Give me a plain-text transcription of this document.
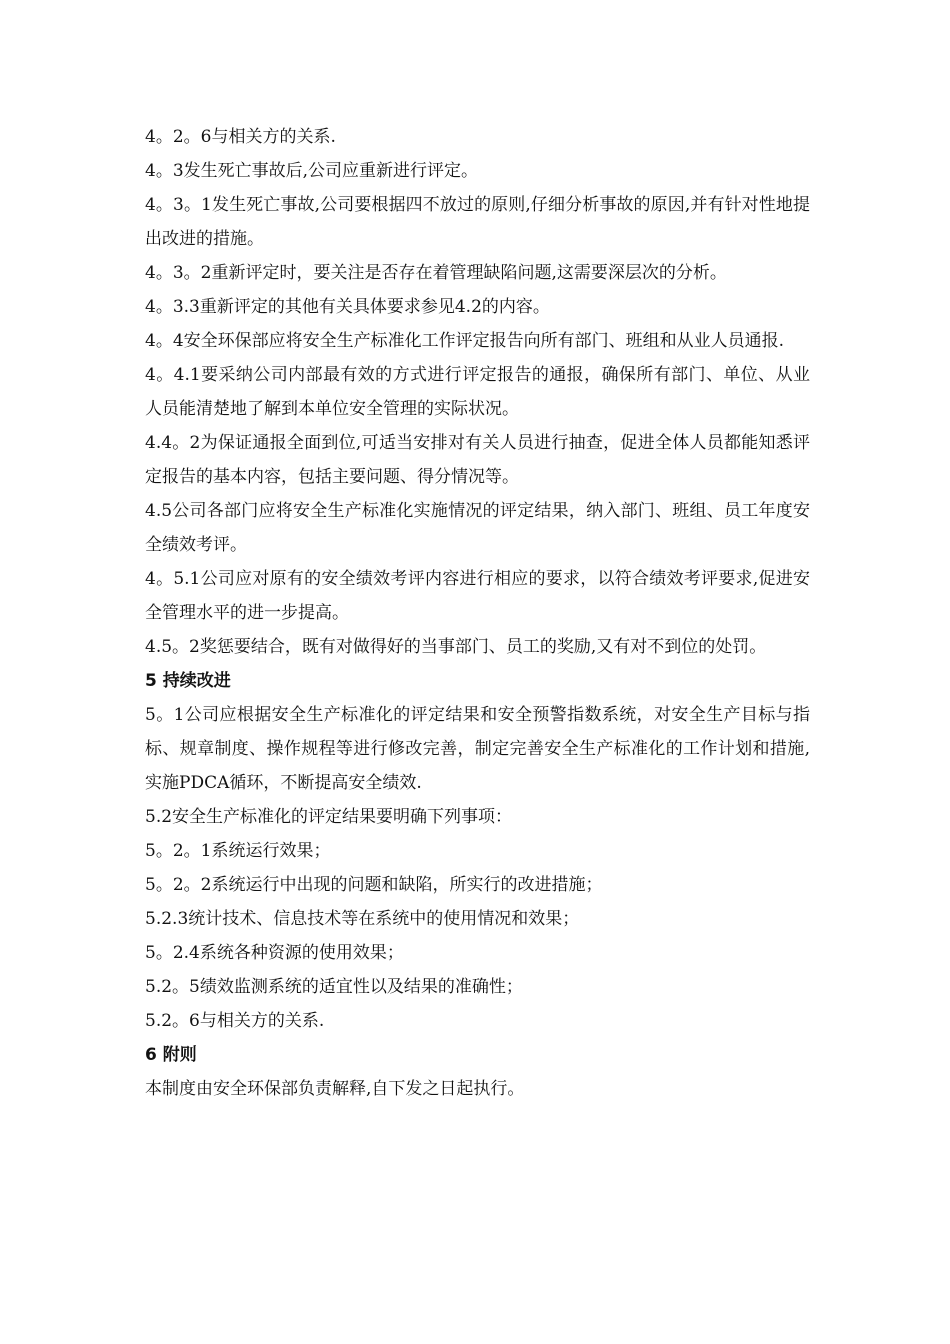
4。2。6与相关方的关系.

4。3发生死亡事故后,公司应重新进行评定。

4。3。1发生死亡事故,公司要根据四不放过的原则,仔细分析事故的原因,并有针对性地提出改进的措施。

4。3。2重新评定时，要关注是否存在着管理缺陷问题,这需要深层次的分析。

4。3.3重新评定的其他有关具体要求参见4.2的内容。

4。4安全环保部应将安全生产标准化工作评定报告向所有部门、班组和从业人员通报.

4。4.1要采纳公司内部最有效的方式进行评定报告的通报，确保所有部门、单位、从业人员能清楚地了解到本单位安全管理的实际状况。

4.4。2为保证通报全面到位,可适当安排对有关人员进行抽查，促进全体人员都能知悉评定报告的基本内容，包括主要问题、得分情况等。

4.5公司各部门应将安全生产标准化实施情况的评定结果，纳入部门、班组、员工年度安全绩效考评。

4。5.1公司应对原有的安全绩效考评内容进行相应的要求，以符合绩效考评要求,促进安全管理水平的进一步提高。

4.5。2奖惩要结合，既有对做得好的当事部门、员工的奖励,又有对不到位的处罚。

5 持续改进

5。1公司应根据安全生产标准化的评定结果和安全预警指数系统，对安全生产目标与指标、规章制度、操作规程等进行修改完善，制定完善安全生产标准化的工作计划和措施,实施PDCA循环，不断提高安全绩效.

5.2安全生产标准化的评定结果要明确下列事项：

5。2。1系统运行效果；

5。2。2系统运行中出现的问题和缺陷，所实行的改进措施；

5.2.3统计技术、信息技术等在系统中的使用情况和效果；

5。2.4系统各种资源的使用效果；

5.2。5绩效监测系统的适宜性以及结果的准确性；

5.2。6与相关方的关系.

6 附则

本制度由安全环保部负责解释,自下发之日起执行。
